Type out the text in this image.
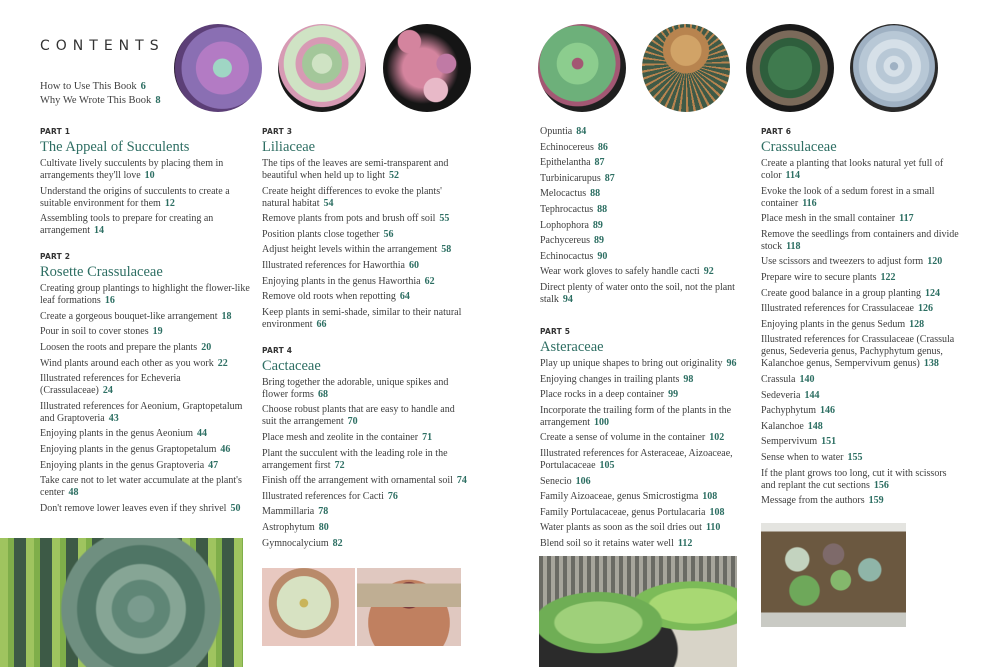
CONTENTS
How to Use This Book 6
Why We Wrote This Book 8
PART 1
The Appeal of Succulents
Cultivate lively succulents by placing them in arrangements they'll love 10
Understand the origins of succulents to create a suitable environment for them 12
Assembling tools to prepare for creating an arrangement 14
PART 2
Rosette Crassulaceae
Creating group plantings to highlight the flower-like leaf formations 16
Create a gorgeous bouquet-like arrangement 18
Pour in soil to cover stones 19
Loosen the roots and prepare the plants 20
Wind plants around each other as you work 22
Illustrated references for Echeveria (Crassulaceae) 24
Illustrated references for Aeonium, Graptopetalum and Graptoveria 43
Enjoying plants in the genus Aeonium 44
Enjoying plants in the genus Graptopetalum 46
Enjoying plants in the genus Graptoveria 47
Take care not to let water accumulate at the plant's center 48
Don't remove lower leaves even if they shrivel 50
PART 3
Liliaceae
The tips of the leaves are semi-transparent and beautiful when held up to light 52
Create height differences to evoke the plants' natural habitat 54
Remove plants from pots and brush off soil 55
Position plants close together 56
Adjust height levels within the arrangement 58
Illustrated references for Haworthia 60
Enjoying plants in the genus Haworthia 62
Remove old roots when repotting 64
Keep plants in semi-shade, similar to their natural environment 66
PART 4
Cactaceae
Bring together the adorable, unique spikes and flower forms 68
Choose robust plants that are easy to handle and suit the arrangement 70
Place mesh and zeolite in the container 71
Plant the succulent with the leading role in the arrangement first 72
Finish off the arrangement with ornamental soil 74
Illustrated references for Cacti 76
Mammillaria 78
Astrophytum 80
Gymnocalycium 82
Opuntia 84
Echinocereus 86
Epithelantha 87
Turbinicarupus 87
Melocactus 88
Tephrocactus 88
Lophophora 89
Pachycereus 89
Echinocactus 90
Wear work gloves to safely handle cacti 92
Direct plenty of water onto the soil, not the plant stalk 94
PART 5
Asteraceae
Play up unique shapes to bring out originality 96
Enjoying changes in trailing plants 98
Place rocks in a deep container 99
Incorporate the trailing form of the plants in the arrangement 100
Create a sense of volume in the container 102
Illustrated references for Asteraceae, Aizoaceae, Portulacaceae 105
Senecio 106
Family Aizoaceae, genus Smicrostigma 108
Family Portulacaceae, genus Portulacaria 108
Water plants as soon as the soil dries out 110
Blend soil so it retains water well 112
PART 6
Crassulaceae
Create a planting that looks natural yet full of color 114
Evoke the look of a sedum forest in a small container 116
Place mesh in the small container 117
Remove the seedlings from containers and divide stock 118
Use scissors and tweezers to adjust form 120
Prepare wire to secure plants 122
Create good balance in a group planting 124
Illustrated references for Crassulaceae 126
Enjoying plants in the genus Sedum 128
Illustrated references for Crassulaceae (Crassula genus, Sedeveria genus, Pachyphytum genus, Kalanchoe genus, Sempervivum genus) 138
Crassula 140
Sedeveria 144
Pachyphytum 146
Kalanchoe 148
Sempervivum 151
Sense when to water 155
If the plant grows too long, cut it with scissors and replant the cut sections 156
Message from the authors 159
